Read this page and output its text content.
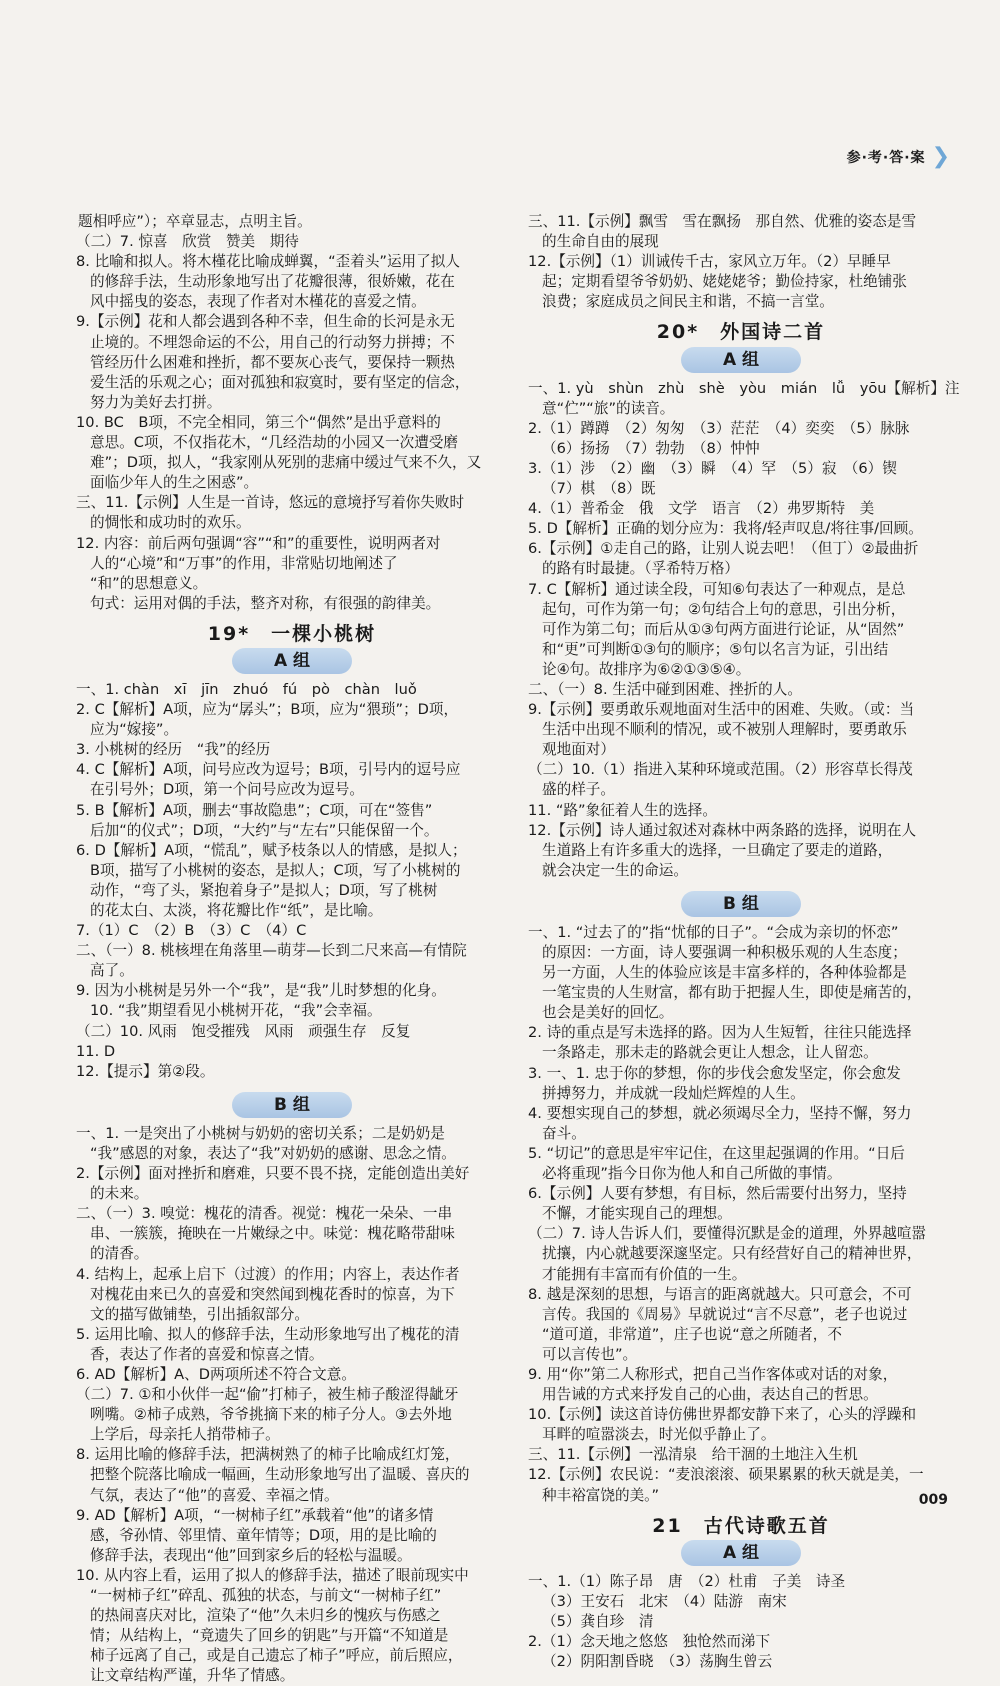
参·考·答·案 ❯
题相呼应”）；卒章显志，点明主旨。
（二）7. 惊喜　欣赏　赞美　期待
8. 比喻和拟人。将木槿花比喻成蝉翼，“歪着头”运用了拟人
的修辞手法，生动形象地写出了花瓣很薄，很娇嫩，花在
风中摇曳的姿态，表现了作者对木槿花的喜爱之情。
9.【示例】花和人都会遇到各种不幸，但生命的长河是永无
止境的。不埋怨命运的不公，用自己的行动努力拼搏；不
管经历什么困难和挫折，都不要灰心丧气，要保持一颗热
爱生活的乐观之心；面对孤独和寂寞时，要有坚定的信念，
努力为美好去打拼。
10. BC　B项，不完全相同，第三个“偶然”是出乎意料的
意思。C项，不仅指花木，“几经浩劫的小园又一次遭受磨
难”；D项，拟人，“我家刚从死别的悲痛中缓过气来不久，又
面临少年人的生之困惑”。
三、11.【示例】人生是一首诗，悠远的意境抒写着你失败时
的惆怅和成功时的欢乐。
12. 内容：前后两句强调“容”“和”的重要性，说明两者对
人的“心境”和“万事”的作用，非常贴切地阐述了
“和”的思想意义。
句式：运用对偶的手法，整齐对称，有很强的韵律美。
19*　一棵小桃树
A 组
一、1. chàn　xī　jīn　zhuó　fú　pò　chàn　luǒ
2. C【解析】A项，应为“孱头”；B项，应为“猥琐”；D项，
应为“嫁接”。
3. 小桃树的经历　“我”的经历
4. C【解析】A项，问号应改为逗号；B项，引号内的逗号应
在引号外；D项，第一个问号应改为逗号。
5. B【解析】A项，删去“事故隐患”；C项，可在“签售”
后加“的仪式”；D项，“大约”与“左右”只能保留一个。
6. D【解析】A项，“慌乱”，赋予枝条以人的情感，是拟人；
B项，描写了小桃树的姿态，是拟人；C项，写了小桃树的
动作，“弯了头，紧抱着身子”是拟人；D项，写了桃树
的花太白、太淡，将花瓣比作“纸”，是比喻。
7.（1）C　（2）B　（3）C　（4）C
二、（一）8. 桃核埋在角落里—萌芽—长到二尺来高—有情院
高了。
9. 因为小桃树是另外一个“我”，是“我”儿时梦想的化身。
10. “我”期望看见小桃树开花，“我”会幸福。
（二）10. 风雨　饱受摧残　风雨　顽强生存　反复
11. D
12.【提示】第②段。
B 组
一、1. 一是突出了小桃树与奶奶的密切关系；二是奶奶是
“我”感恩的对象，表达了“我”对奶奶的感谢、思念之情。
2.【示例】面对挫折和磨难，只要不畏不挠，定能创造出美好
的未来。
二、（一）3. 嗅觉：槐花的清香。视觉：槐花一朵朵、一串
串、一簇簇，掩映在一片嫩绿之中。味觉：槐花略带甜味
的清香。
4. 结构上，起承上启下（过渡）的作用；内容上，表达作者
对槐花由来已久的喜爱和突然闻到槐花香时的惊喜，为下
文的描写做铺垫，引出插叙部分。
5. 运用比喻、拟人的修辞手法，生动形象地写出了槐花的清
香，表达了作者的喜爱和惊喜之情。
6. AD【解析】A、D两项所述不符合文意。
（二）7. ①和小伙伴一起“偷”打柿子，被生柿子酸涩得龇牙
咧嘴。②柿子成熟，爷爷挑摘下来的柿子分人。③去外地
上学后，母亲托人捎带柿子。
8. 运用比喻的修辞手法，把满树熟了的柿子比喻成红灯笼，
把整个院落比喻成一幅画，生动形象地写出了温暖、喜庆的
气氛，表达了“他”的喜爱、幸福之情。
9. AD【解析】A项，“一树柿子红”承载着“他”的诸多情
感，爷孙情、邻里情、童年情等；D项，用的是比喻的
修辞手法，表现出“他”回到家乡后的轻松与温暖。
10. 从内容上看，运用了拟人的修辞手法，描述了眼前现实中
“一树柿子红”碎乱、孤独的状态，与前文“一树柿子红”
的热闹喜庆对比，渲染了“他”久未归乡的愧疚与伤感之
情；从结构上，“竟遗失了回乡的钥匙”与开篇“不知道是
柿子远离了自己，或是自己遗忘了柿子”呼应，前后照应，
让文章结构严谨，升华了情感。
三、11.【示例】飘雪　雪在飘扬　那自然、优雅的姿态是雪
的生命自由的展现
12.【示例】（1）训诫传千古，家风立万年。（2）早睡早
起；定期看望爷爷奶奶、姥姥姥爷；勤俭持家，杜绝铺张
浪费；家庭成员之间民主和谐，不搞一言堂。
20*　外国诗二首
A 组
一、1. yù　shùn　zhù　shè　yòu　mián　lǚ　yōu【解析】注
意“伫”“旅”的读音。
2.（1）蹲蹲　（2）匆匆　（3）茫茫　（4）奕奕　（5）脉脉
（6）扬扬　（7）勃勃　（8）忡忡
3.（1）涉　（2）幽　（3）瞬　（4）罕　（5）寂　（6）锲
（7）棋　（8）既
4.（1）普希金　俄　文学　语言　（2）弗罗斯特　美
5. D【解析】正确的划分应为：我将/轻声叹息/将往事/回顾。
6.【示例】①走自己的路，让别人说去吧！（但丁）②最曲折
的路有时最捷。（孚希特万格）
7. C【解析】通过读全段，可知⑥句表达了一种观点，是总
起句，可作为第一句；②句结合上句的意思，引出分析，
可作为第二句；而后从①③句两方面进行论证，从“固然”
和“更”可判断①③句的顺序；⑤句以名言为证，引出结
论④句。故排序为⑥②①③⑤④。
二、（一）8. 生活中碰到困难、挫折的人。
9.【示例】要勇敢乐观地面对生活中的困难、失败。（或：当
生活中出现不顺利的情况，或不被别人理解时，要勇敢乐
观地面对）
（二）10.（1）指进入某种环境或范围。（2）形容草长得茂
盛的样子。
11. “路”象征着人生的选择。
12.【示例】诗人通过叙述对森林中两条路的选择，说明在人
生道路上有许多重大的选择，一旦确定了要走的道路，
就会决定一生的命运。
B 组
一、1. “过去了的”指“忧郁的日子”。“会成为亲切的怀恋”
的原因：一方面，诗人要强调一种积极乐观的人生态度；
另一方面，人生的体验应该是丰富多样的，各种体验都是
一笔宝贵的人生财富，都有助于把握人生，即使是痛苦的，
也会是美好的回忆。
2. 诗的重点是写未选择的路。因为人生短暂，往往只能选择
一条路走，那未走的路就会更让人想念，让人留恋。
3. 一、1. 忠于你的梦想，你的步伐会愈发坚定，你会愈发
拼搏努力，并成就一段灿烂辉煌的人生。
4. 要想实现自己的梦想，就必须竭尽全力，坚持不懈，努力
奋斗。
5. “切记”的意思是牢牢记住，在这里起强调的作用。“日后
必将重现”指今日你为他人和自己所做的事情。
6.【示例】人要有梦想，有目标，然后需要付出努力，坚持
不懈，才能实现自己的理想。
（二）7. 诗人告诉人们，要懂得沉默是金的道理，外界越喧嚣
扰攘，内心就越要深邃坚定。只有经营好自己的精神世界，
才能拥有丰富而有价值的一生。
8. 越是深刻的思想，与语言的距离就越大。只可意会，不可
言传。我国的《周易》早就说过“言不尽意”，老子也说过
“道可道，非常道”，庄子也说“意之所随者，不
可以言传也”。
9. 用“你”第二人称形式，把自己当作客体或对话的对象，
用告诫的方式来抒发自己的心曲，表达自己的哲思。
10.【示例】读这首诗仿佛世界都安静下来了，心头的浮躁和
耳畔的喧嚣淡去，时光似乎静止了。
三、11.【示例】一泓清泉　给干涸的土地注入生机
12.【示例】农民说：“麦浪滚滚、硕果累累的秋天就是美，一
种丰裕富饶的美。”
21　古代诗歌五首
A 组
一、1.（1）陈子昂　唐　（2）杜甫　子美　诗圣
（3）王安石　北宋　（4）陆游　南宋
（5）龚自珍　清
2.（1）念天地之悠悠　独怆然而涕下
（2）阴阳割昏晓　（3）荡胸生曾云
009
